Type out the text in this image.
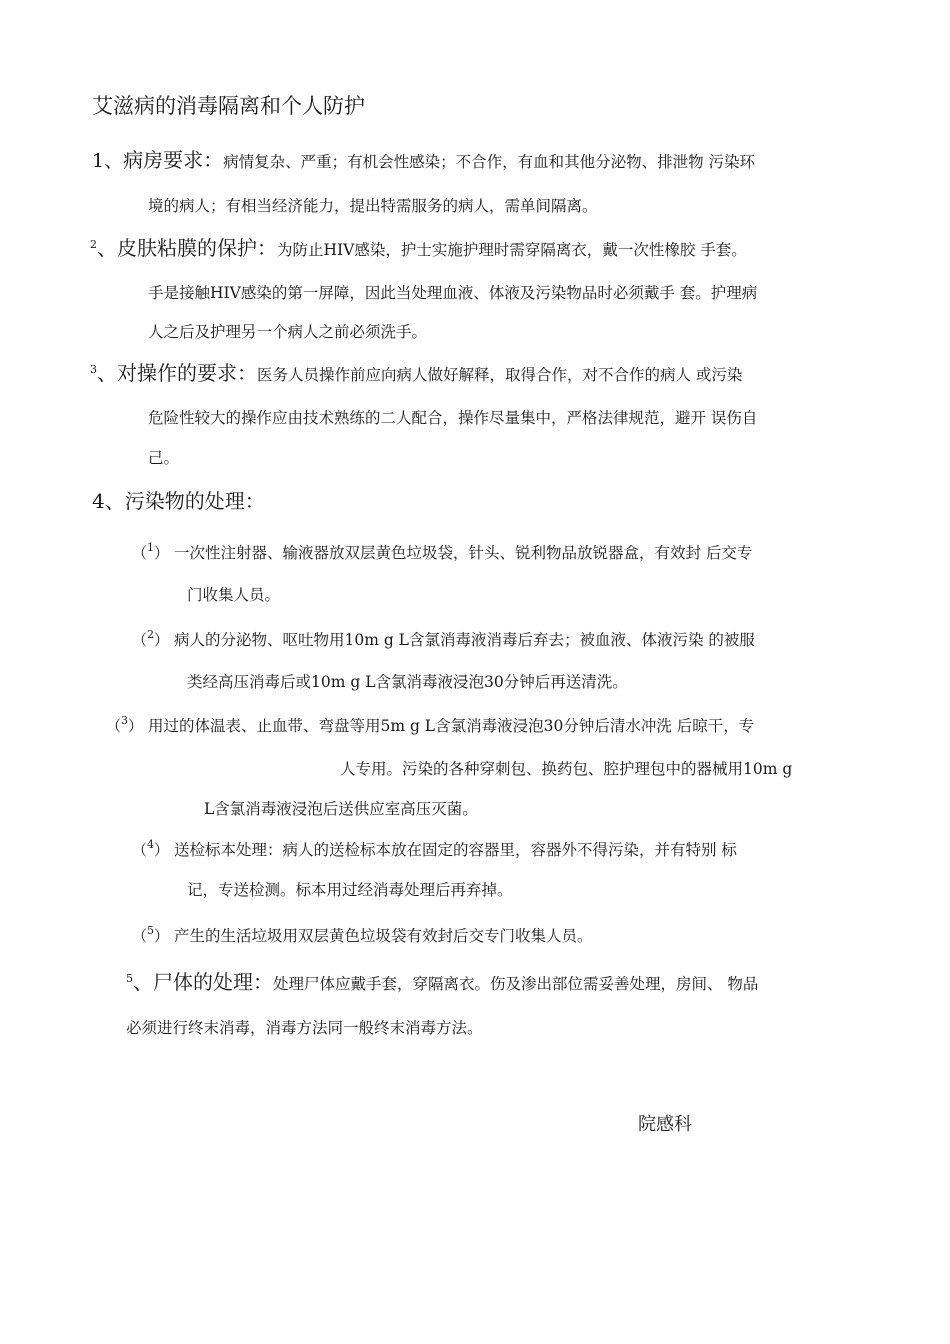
艾滋病的消毒隔离和个人防护
1、病房要求：病情复杂、严重；有机会性感染；不合作，有血和其他分泌物、排泄物 污染环
境的病人；有相当经济能力，提出特需服务的病人，需单间隔离。
$^2$、皮肤粘膜的保护：为防止HIV感染，护士实施护理时需穿隔离衣，戴一次性橡胶 手套。
手是接触HIV感染的第一屏障，因此当处理血液、体液及污染物品时必须戴手 套。护理病
人之后及护理另一个病人之前必须洗手。
$^3$、对操作的要求：医务人员操作前应向病人做好解释，取得合作，对不合作的病人 或污染
危险性较大的操作应由技术熟练的二人配合，操作尽量集中，严格法律规范，避开 误伤自
己。
4、污染物的处理：
（$^1$） 一次性注射器、输液器放双层黄色垃圾袋，针头、锐利物品放锐器盒，有效封 后交专
门收集人员。
（$^2$） 病人的分泌物、呕吐物用10m g L含氯消毒液消毒后弃去；被血液、体液污染 的被服
类经高压消毒后或10m g L含氯消毒液浸泡30分钟后再送清洗。
（$^3$） 用过的体温表、止血带、弯盘等用5m g L含氯消毒液浸泡30分钟后清水冲洗 后晾干，专
人专用。污染的各种穿刺包、换药包、腔护理包中的器械用10m g
L含氯消毒液浸泡后送供应室高压灭菌。
（$^4$） 送检标本处理：病人的送检标本放在固定的容器里，容器外不得污染，并有特别 标
记，专送检测。标本用过经消毒处理后再弃掉。
（$^5$） 产生的生活垃圾用双层黄色垃圾袋有效封后交专门收集人员。
$^5$、尸体的处理：处理尸体应戴手套，穿隔离衣。伤及渗出部位需妥善处理，房间、 物品
必须进行终末消毒，消毒方法同一般终末消毒方法。
院感科
